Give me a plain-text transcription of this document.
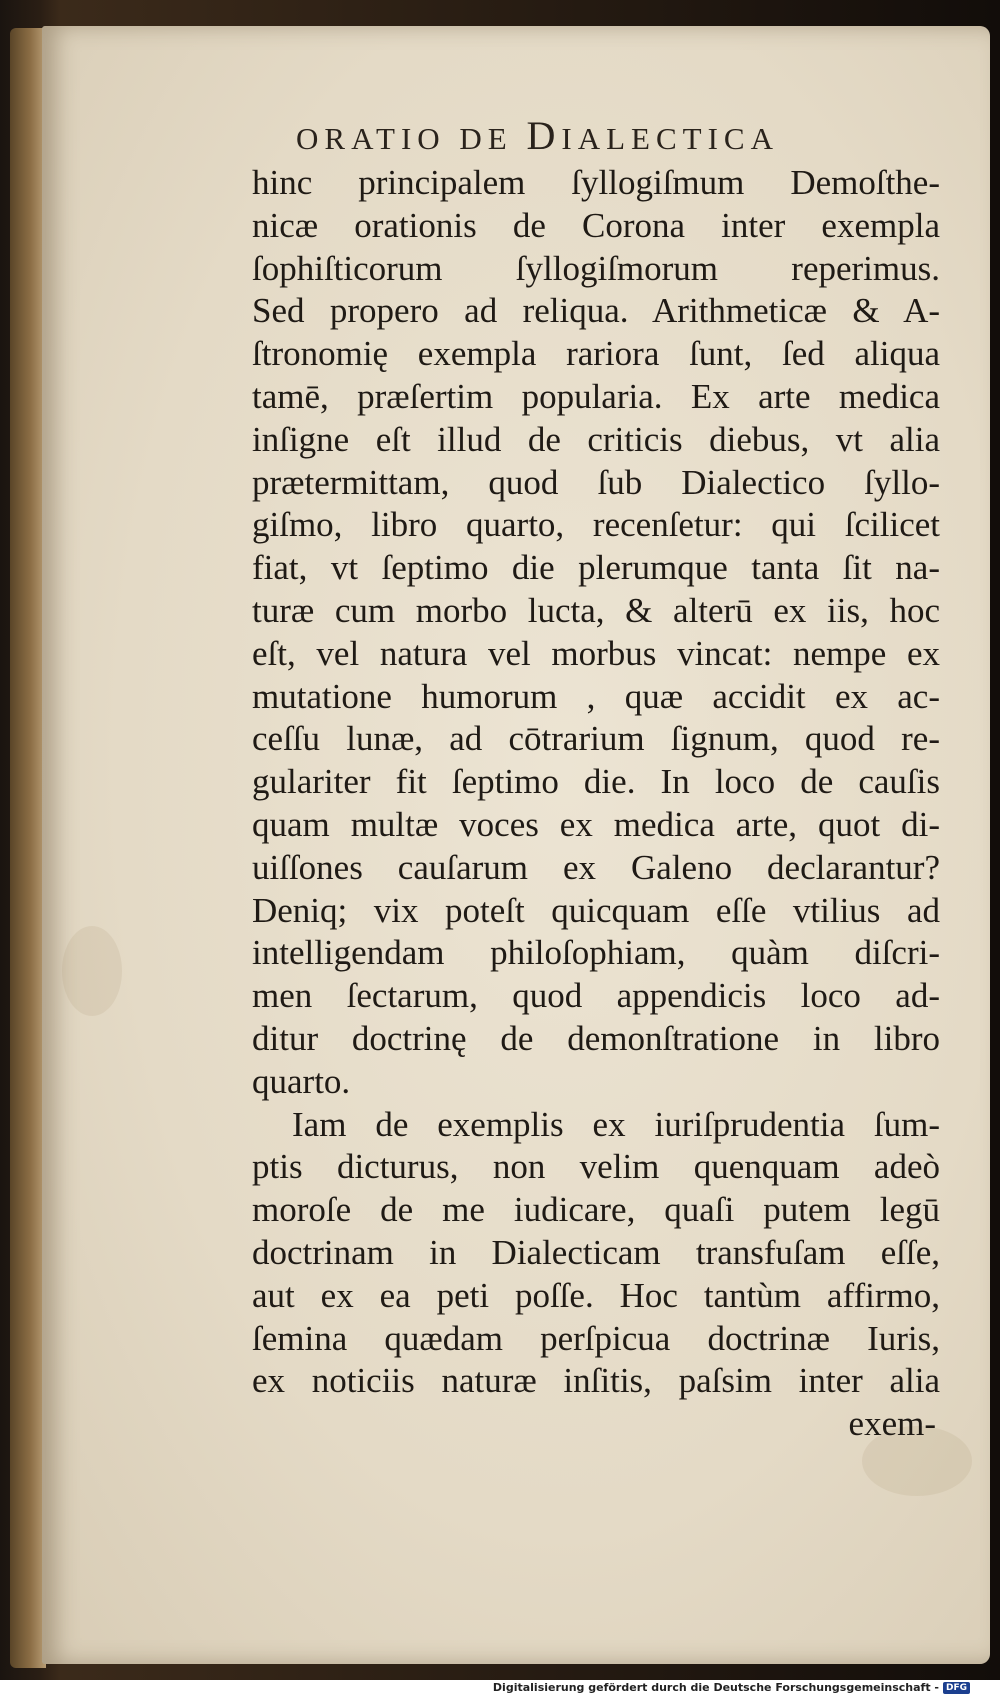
ORATIO DE DIALECTICA
hinc principalem ſyllogiſmum Demoſthe-
nicæ orationis de Corona inter exempla
ſophiſticorum ſyllogiſmorum reperimus.
Sed propero ad reliqua. Arithmeticæ & A-
ſtronomię exempla rariora ſunt, ſed aliqua
tamē, præſertim popularia. Ex arte medica
inſigne eſt illud de criticis diebus, vt alia
prætermittam, quod ſub Dialectico ſyllo-
giſmo, libro quarto, recenſetur: qui ſcilicet
fiat, vt ſeptimo die plerumque tanta ſit na-
turæ cum morbo lucta, & alterū ex iis, hoc
eſt, vel natura vel morbus vincat: nempe ex
mutatione humorum , quæ accidit ex ac-
ceſſu lunæ, ad cōtrarium ſignum, quod re-
gulariter fit ſeptimo die. In loco de cauſis
quam multæ voces ex medica arte, quot di-
uiſſones cauſarum ex Galeno declarantur?
Deniq; vix poteſt quicquam eſſe vtilius ad
intelligendam philoſophiam, quàm diſcri-
men ſectarum, quod appendicis loco ad-
ditur doctrinę de demonſtratione in libro
quarto.
Iam de exemplis ex iuriſprudentia ſum-
ptis dicturus, non velim quenquam adeò
moroſe de me iudicare, quaſi putem legū
doctrinam in Dialecticam transfuſam eſſe,
aut ex ea peti poſſe. Hoc tantùm affirmo,
ſemina quædam perſpicua doctrinæ Iuris,
ex noticiis naturæ inſitis, paſsim inter alia
exem-
Digitalisierung gefördert durch die Deutsche Forschungsgemeinschaft - DFG
